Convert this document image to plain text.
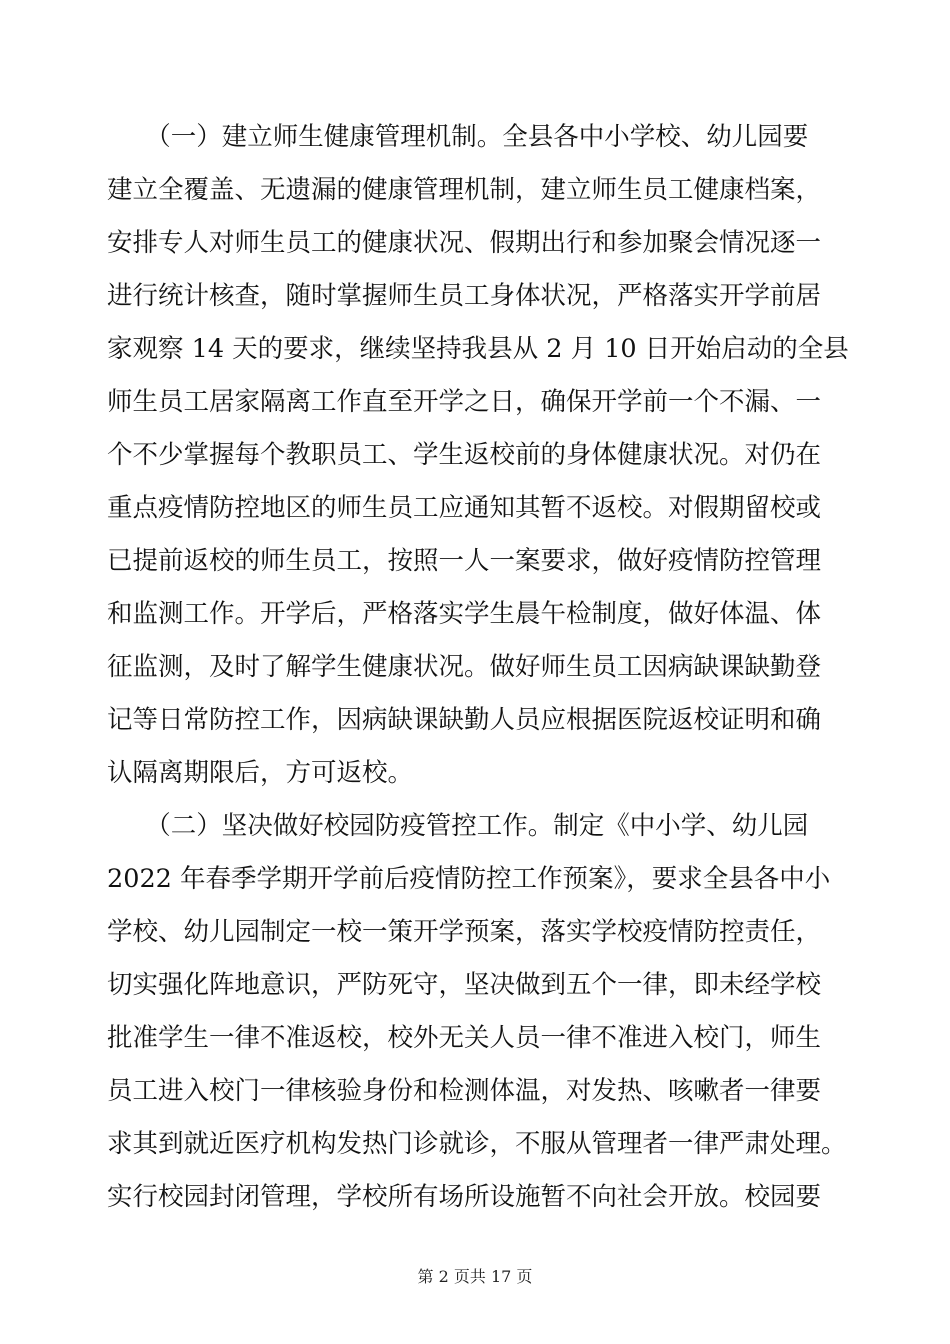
　　（一）建立师生健康管理机制。全县各中小学校、幼儿园要
建立全覆盖、无遗漏的健康管理机制，建立师生员工健康档案，
安排专人对师生员工的健康状况、假期出行和参加聚会情况逐一
进行统计核查，随时掌握师生员工身体状况，严格落实开学前居
家观察 14 天的要求，继续坚持我县从 2 月 10 日开始启动的全县
师生员工居家隔离工作直至开学之日，确保开学前一个不漏、一
个不少掌握每个教职员工、学生返校前的身体健康状况。对仍在
重点疫情防控地区的师生员工应通知其暂不返校。对假期留校或
已提前返校的师生员工，按照一人一案要求，做好疫情防控管理
和监测工作。开学后，严格落实学生晨午检制度，做好体温、体
征监测，及时了解学生健康状况。做好师生员工因病缺课缺勤登
记等日常防控工作，因病缺课缺勤人员应根据医院返校证明和确
认隔离期限后，方可返校。
　　（二）坚决做好校园防疫管控工作。制定《中小学、幼儿园
2022 年春季学期开学前后疫情防控工作预案》，要求全县各中小
学校、幼儿园制定一校一策开学预案，落实学校疫情防控责任，
切实强化阵地意识，严防死守，坚决做到五个一律，即未经学校
批准学生一律不准返校，校外无关人员一律不准进入校门，师生
员工进入校门一律核验身份和检测体温，对发热、咳嗽者一律要
求其到就近医疗机构发热门诊就诊，不服从管理者一律严肃处理。
实行校园封闭管理，学校所有场所设施暂不向社会开放。校园要
第 2 页共 17 页
